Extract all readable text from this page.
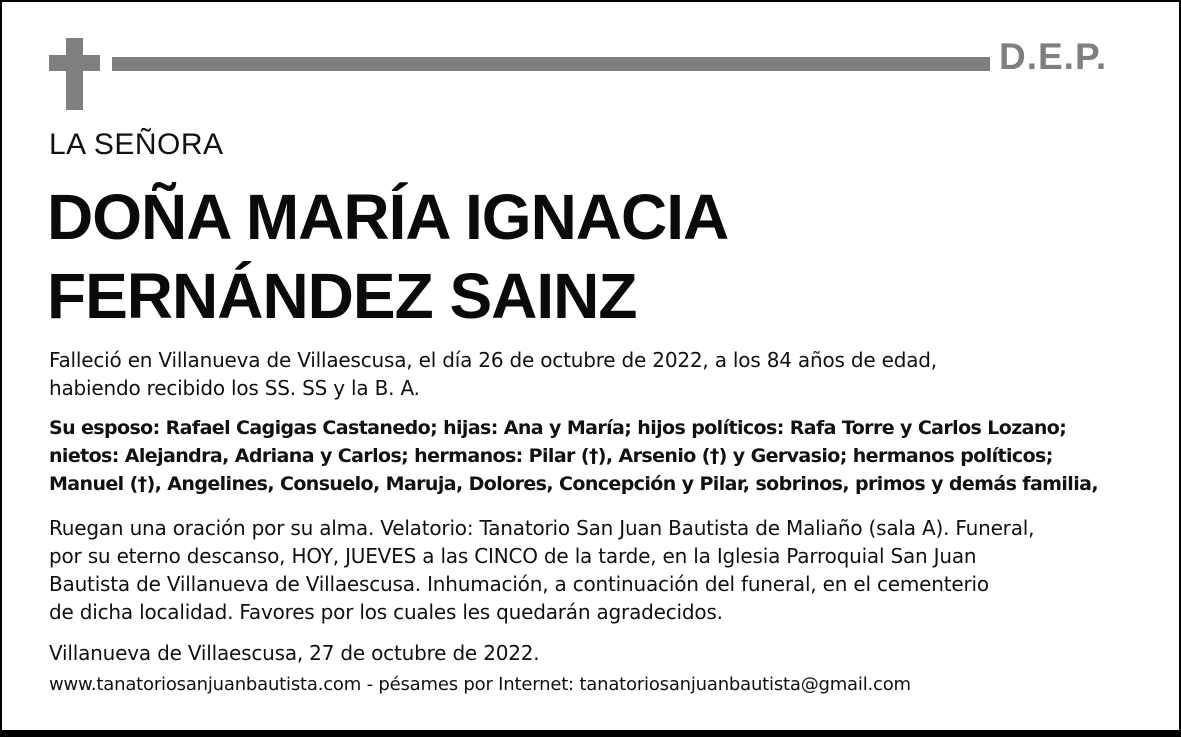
D.E.P.
LA SEÑORA
DOÑA MARÍA IGNACIA
FERNÁNDEZ SAINZ

Falleció en Villanueva de Villaescusa, el día 26 de octubre de 2022, a los 84 años de edad,
habiendo recibido los SS. SS y la B. A.

Su esposo: Rafael Cagigas Castanedo; hijas: Ana y María; hijos políticos: Rafa Torre y Carlos Lozano;
nietos: Alejandra, Adriana y Carlos; hermanos: Pilar (†), Arsenio (†) y Gervasio; hermanos políticos;
Manuel (†), Angelines, Consuelo, Maruja, Dolores, Concepción y Pilar, sobrinos, primos y demás familia,

Ruegan una oración por su alma. Velatorio: Tanatorio San Juan Bautista de Maliaño (sala A). Funeral,
por su eterno descanso, HOY, JUEVES a las CINCO de la tarde, en la Iglesia Parroquial San Juan
Bautista de Villanueva de Villaescusa. Inhumación, a continuación del funeral, en el cementerio
de dicha localidad. Favores por los cuales les quedarán agradecidos.

Villanueva de Villaescusa, 27 de octubre de 2022.

www.tanatoriosanjuanbautista.com - pésames por Internet: tanatoriosanjuanbautista@gmail.com
